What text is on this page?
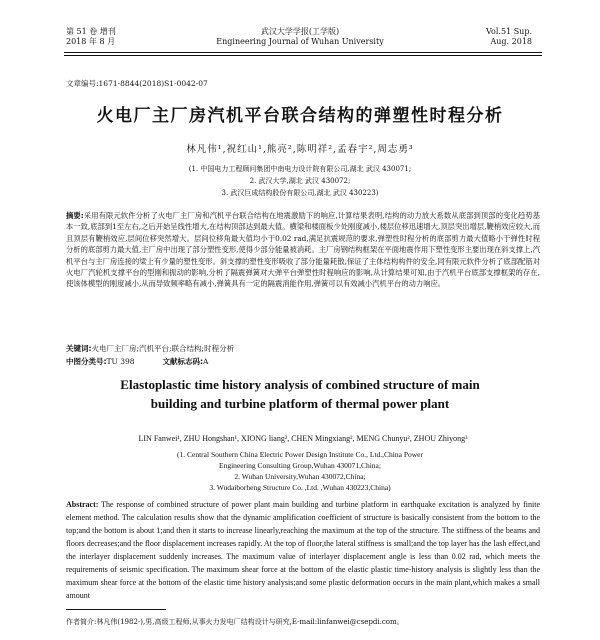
第 51 卷 增刊
2018 年 8 月
武汉大学学报(工学版)
Engineering Journal of Wuhan University
Vol.51 Sup.
Aug. 2018
文章编号:1671-8844(2018)S1-0042-07
火电厂主厂房汽机平台联合结构的弹塑性时程分析
林凡伟¹,祝红山¹,熊亮²,陈明祥²,孟春宇²,周志勇³
(1. 中国电力工程顾问集团中南电力设计院有限公司,湖北 武汉 430071;
2. 武汉大学,湖北 武汉 430072;
3. 武汉巨成结构股份有限公司,湖北 武汉 430223)
摘要:采用有限元软件分析了火电厂主厂房和汽机平台联合结构在地震激励下的响应,计算结果表明,结构的动力放大系数从底部到顶部的变化趋势基本一致,底部到1至左右,之后开始呈线性增大,在结构顶部达到最大值。横梁和楼面板少处刚度减小,楼层位移迅速增大,顶层突出增层,鞭梢效应较大,而且顶层有鞭梢效应,层间位移突然增大。层间位移角最大值均小于0.02 rad,满足抗震规范的要求,弹塑性时程分析的底部剪力最大值略小于弹性时程分析的底部剪力最大值,主厂房中出现了部分塑性变形,使得少部分能量被消耗。主厂房钢结构框架在平面地震作用下塑性变形主要出现在斜支撑上,汽机平台与主厂房连接的梁上有少量的塑性变形。斜支撑的塑性变形吸收了部分能量耗散,保证了主体结构构件的安全,同有限元软件分析了底部配筋对火电厂汽轮机支撑平台的型刚和振动的影响,分析了隔震弹簧对大弹平台弹塑性时程响应的影响,从计算结果可知,由于汽机平台底部支撑框架的存在,使该体模型的刚度减小,从而导致频率略有减小,弹簧具有一定的隔震消能作用,弹簧可以有效减小汽机平台的动力响应。
关键词:火电厂主厂房;汽机平台;联合结构;时程分析
中图分类号:TU 398	文献标志码:A
Elastoplastic time history analysis of combined structure of main
building and turbine platform of thermal power plant
LIN Fanwei¹, ZHU Hongshan¹, XIONG liang², CHEN Mingxiang², MENG Chunyu², ZHOU Zhiyong³
(1. Central Southern China Electric Power Design Institute Co., Ltd.,China Power
Engineering Consulting Group,Wuhan 430071,China;
2. Wuhan University,Wuhan 430072,China;
3. Wudaiborheng Structure Co. ,Ltd. ,Wuhan 430223,China)
Abstract: The response of combined structure of power plant main building and turbine platform in earthquake excitation is analyzed by finite element method. The calculation results show that the dynamic amplification coefficient of structure is basically consistent from the bottom to the top;and the bottom is about 1;and then it starts to increase linearly,reaching the maximum at the top of the structure. The stiffness of the beams and floors decreases;and the floor displacement increases rapidly. At the top of floor,the lateral stiffness is small;and the top layer has the lash effect,and the interlayer displacement suddenly increases. The maximum value of interlayer displacement angle is less than 0.02 rad, which meets the requirements of seismic specification. The maximum shear force at the bottom of the elastic plastic time-history analysis is slightly less than the maximum shear force at the bottom of the elastic time history analysis;and some plastic deformation occurs in the main plant,which makes a small amount
作者简介:林凡伟(1982-),男,高级工程师,从事火力发电厂结构设计与研究,E-mail:linfanwei@csepdi.com。
